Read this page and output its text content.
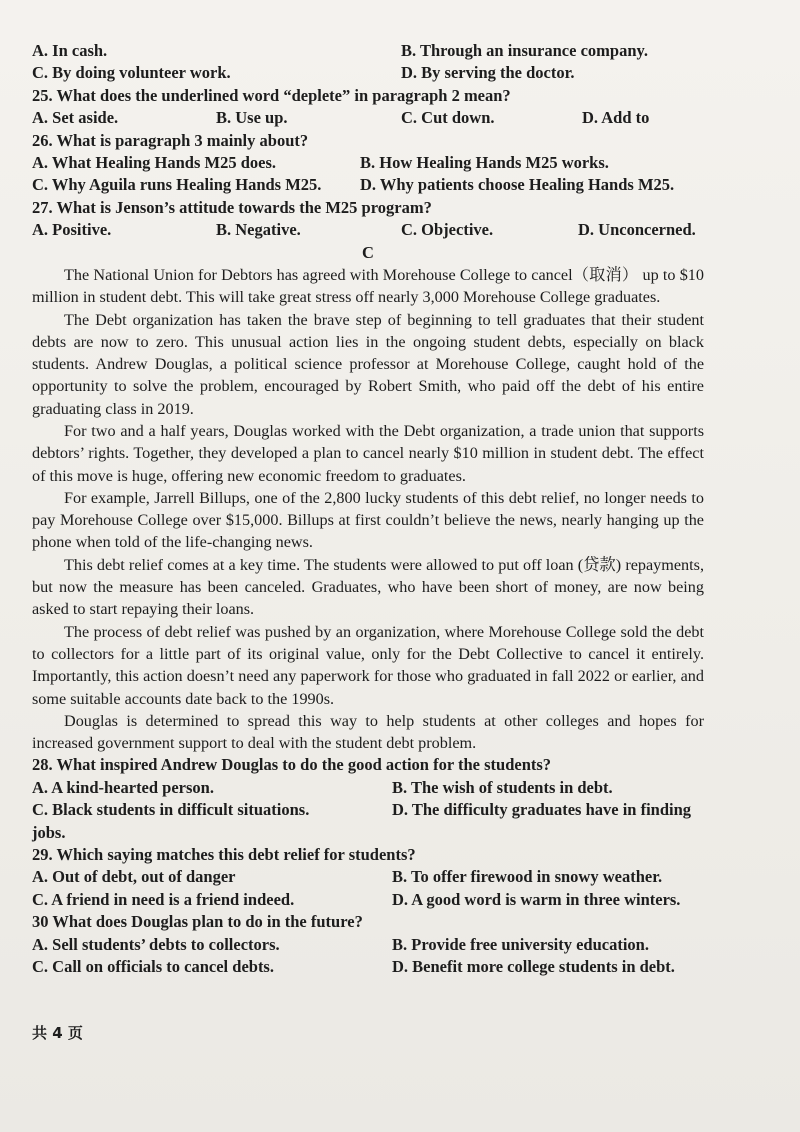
A. In cash.	B. Through an insurance company.
C. By doing volunteer work.	D. By serving the doctor.
25. What does the underlined word “deplete” in paragraph 2 mean?
A. Set aside.	B. Use up.	C. Cut down.	D. Add to
26. What is paragraph 3 mainly about?
A. What Healing Hands M25 does.	B. How Healing Hands M25 works.
C. Why Aguila runs Healing Hands M25. D. Why patients choose Healing Hands M25.
27. What is Jenson’s attitude towards the M25 program?
A. Positive.	B. Negative.	C. Objective.	D. Unconcerned.
C

The National Union for Debtors has agreed with Morehouse College to cancel（取消） up to $10 million in student debt. This will take great stress off nearly 3,000 Morehouse College graduates.

The Debt organization has taken the brave step of beginning to tell graduates that their student debts are now to zero. This unusual action lies in the ongoing student debts, especially on black students. Andrew Douglas, a political science professor at Morehouse College, caught hold of the opportunity to solve the problem, encouraged by Robert Smith, who paid off the debt of his entire graduating class in 2019.

For two and a half years, Douglas worked with the Debt organization, a trade union that supports debtors’ rights. Together, they developed a plan to cancel nearly $10 million in student debt. The effect of this move is huge, offering new economic freedom to graduates.

For example, Jarrell Billups, one of the 2,800 lucky students of this debt relief, no longer needs to pay Morehouse College over $15,000. Billups at first couldn’t believe the news, nearly hanging up the phone when told of the life-changing news.

This debt relief comes at a key time. The students were allowed to put off loan (贷款) repayments, but now the measure has been canceled. Graduates, who have been short of money, are now being asked to start repaying their loans.

The process of debt relief was pushed by an organization, where Morehouse College sold the debt to collectors for a little part of its original value, only for the Debt Collective to cancel it entirely. Importantly, this action doesn’t need any paperwork for those who graduated in fall 2022 or earlier, and some suitable accounts date back to the 1990s.

Douglas is determined to spread this way to help students at other colleges and hopes for increased government support to deal with the student debt problem.

28. What inspired Andrew Douglas to do the good action for the students?
A. A kind-hearted person.	B. The wish of students in debt.
C. Black students in difficult situations.	D. The difficulty graduates have in finding
jobs.
29. Which saying matches this debt relief for students?
A. Out of debt, out of danger	B. To offer firewood in snowy weather.
C. A friend in need is a friend indeed.	D. A good word is warm in three winters.
30 What does Douglas plan to do in the future?
A. Sell students’ debts to collectors.	B. Provide free university education.
C. Call on officials to cancel debts.	D. Benefit more college students in debt.
共 4 页
